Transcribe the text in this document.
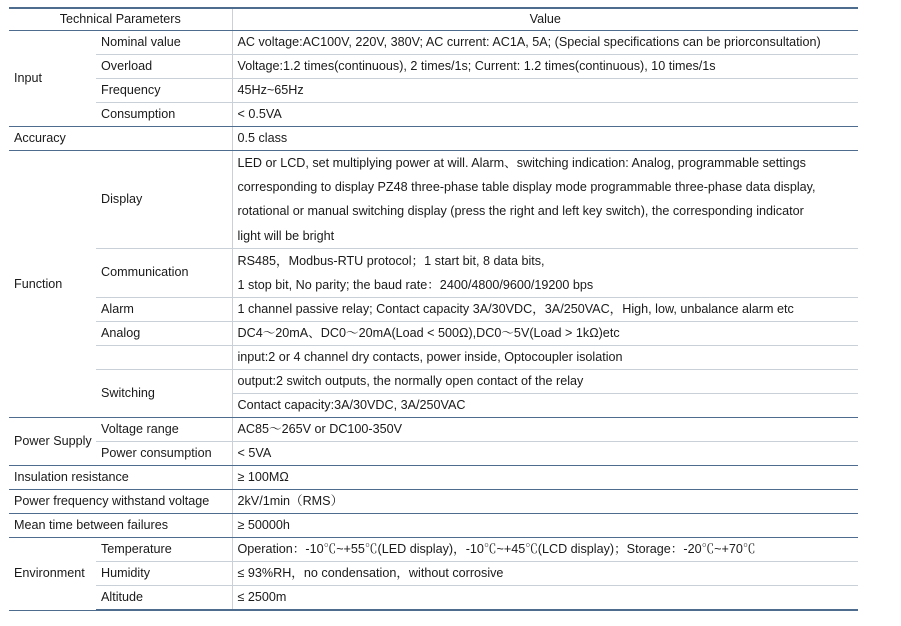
Technical Parameters		Value
Input	Nominal value	AC voltage:AC100V, 220V, 380V; AC current: AC1A, 5A; (Special specifications can be priorconsultation)
	Overload	Voltage:1.2 times(continuous), 2 times/1s; Current: 1.2 times(continuous), 10 times/1s
	Frequency	45Hz~65Hz
	Consumption	< 0.5VA
Accuracy		0.5 class
Function	Display	LED or LCD, set multiplying power at will. Alarm、switching indication: Analog, programmable settings
corresponding to display PZ48 three-phase table display mode programmable three-phase data display,
rotational or manual switching display (press the right and left key switch), the corresponding indicator
light will be bright

	Communication	RS485，Modbus-RTU protocol；1 start bit, 8 data bits,
1 stop bit, No parity; the baud rate：2400/4800/9600/19200 bps

	Alarm	1 channel passive relay; Contact capacity 3A/30VDC，3A/250VAC，High, low, unbalance alarm etc
	Analog	DC4～20mA、DC0～20mA(Load < 500Ω),DC0～5V(Load > 1kΩ)etc
		input:2 or 4 channel dry contacts, power inside, Optocoupler isolation
	Switching	output:2 switch outputs, the normally open contact of the relay
		Contact capacity:3A/30VDC, 3A/250VAC
Power Supply	Voltage range	AC85～265V or DC100-350V
	Power consumption	< 5VA
Insulation resistance		≥ 100MΩ
Power frequency withstand voltage		2kV/1min（RMS）
Mean time between failures		≥ 50000h
Environment	Temperature	Operation：-10℃~+55℃(LED display)，-10℃~+45℃(LCD display)；Storage：-20℃~+70℃
	Humidity	≤ 93%RH，no condensation，without corrosive
	Altitude	≤ 2500m
